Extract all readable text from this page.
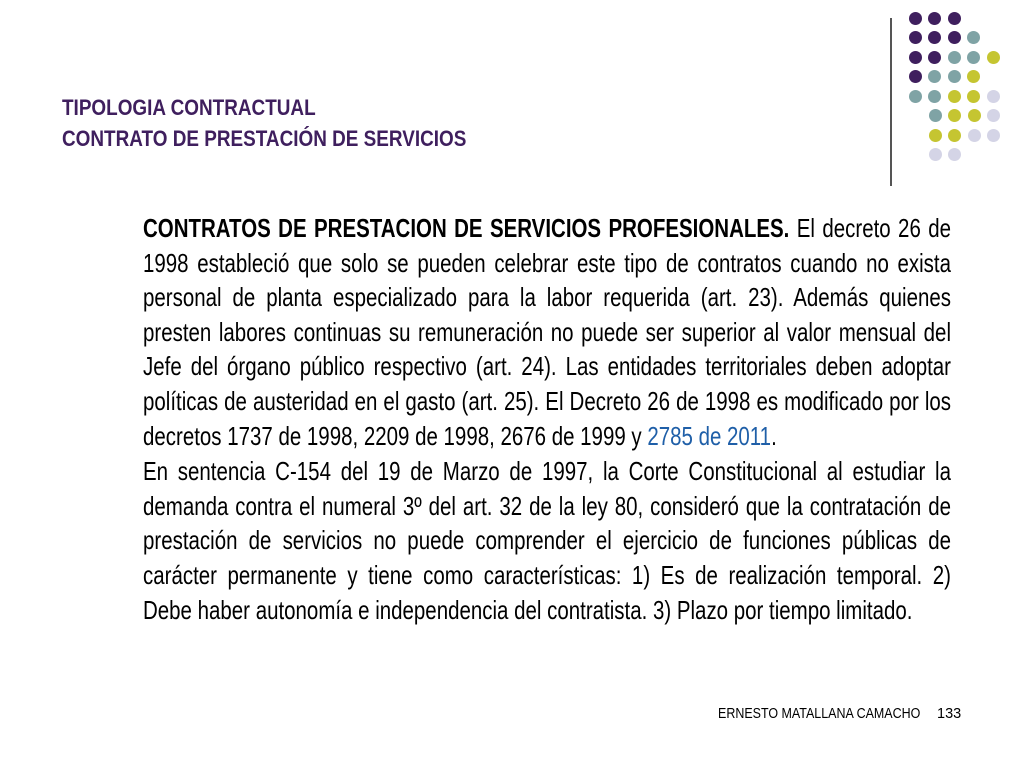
TIPOLOGIA CONTRACTUAL
CONTRATO DE PRESTACIÓN DE SERVICIOS

CONTRATOS DE PRESTACION DE SERVICIOS PROFESIONALES. El decreto 26 de 1998 estableció que solo se pueden celebrar este tipo de contratos cuando no exista personal de planta especializado para la labor requerida (art. 23). Además quienes presten labores continuas su remuneración no puede ser superior al valor mensual del Jefe del órgano público respectivo (art. 24). Las entidades territoriales deben adoptar políticas de austeridad en el gasto (art. 25). El Decreto 26 de 1998 es modificado por los decretos 1737 de 1998, 2209 de 1998, 2676 de 1999 y 2785 de 2011.

En sentencia C-154 del 19 de Marzo de 1997, la Corte Constitucional al estudiar la demanda contra el numeral 3º del art. 32 de la ley 80, consideró que la contratación de prestación de servicios no puede comprender el ejercicio de funciones públicas de carácter permanente y tiene como características: 1) Es de realización temporal. 2) Debe haber autonomía e independencia del contratista. 3) Plazo por tiempo limitado.

ERNESTO MATALLANA CAMACHO 133
